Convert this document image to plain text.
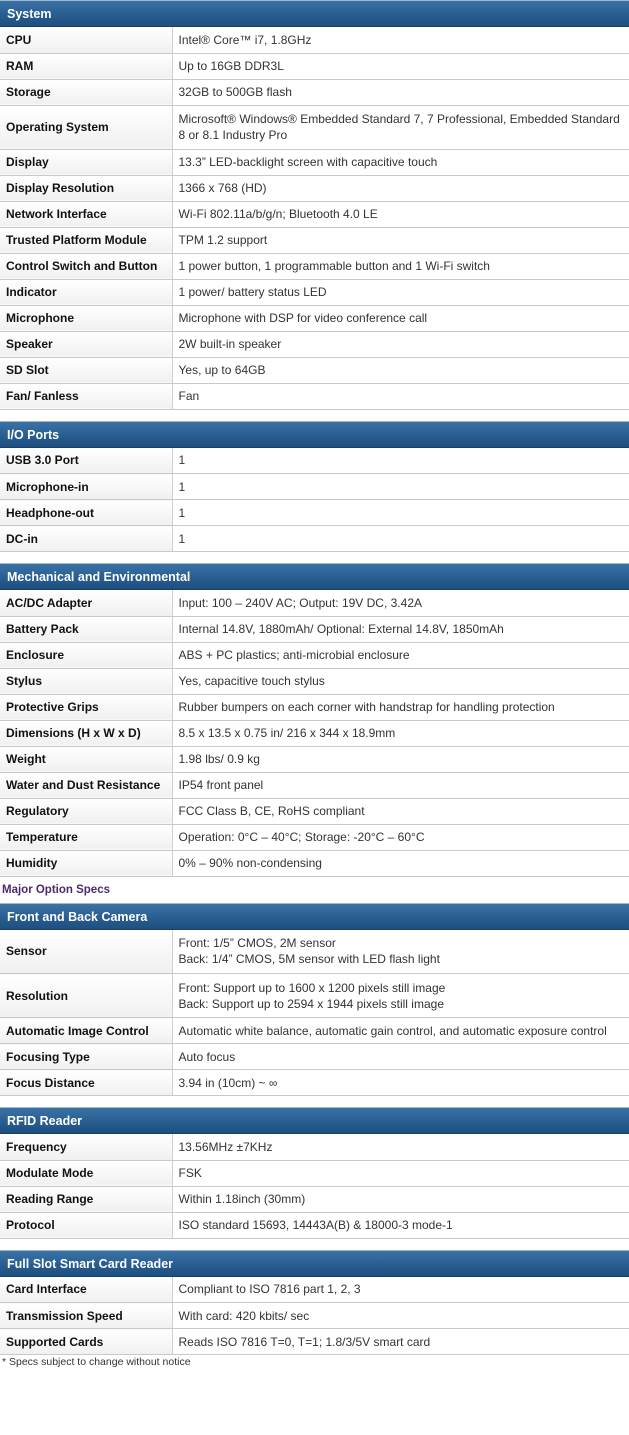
System
CPU	Intel® Core™ i7, 1.8GHz
RAM	Up to 16GB DDR3L
Storage	32GB to 500GB flash
Operating System	Microsoft® Windows® Embedded Standard 7, 7 Professional, Embedded Standard 8 or 8.1 Industry Pro
Display	13.3” LED-backlight screen with capacitive touch
Display Resolution	1366 x 768 (HD)
Network Interface	Wi-Fi 802.11a/b/g/n; Bluetooth 4.0 LE
Trusted Platform Module	TPM 1.2 support
Control Switch and Button	1 power button, 1 programmable button and 1 Wi-Fi switch
Indicator	1 power/ battery status LED
Microphone	Microphone with DSP for video conference call
Speaker	2W built-in speaker
SD Slot	Yes, up to 64GB
Fan/ Fanless	Fan
I/O Ports
USB 3.0 Port	1
Microphone-in	1
Headphone-out	1
DC-in	1
Mechanical and Environmental
AC/DC Adapter	Input: 100 – 240V AC; Output: 19V DC, 3.42A
Battery Pack	Internal 14.8V, 1880mAh/ Optional: External 14.8V, 1850mAh
Enclosure	ABS + PC plastics; anti-microbial enclosure
Stylus	Yes, capacitive touch stylus
Protective Grips	Rubber bumpers on each corner with handstrap for handling protection
Dimensions (H x W x D)	8.5 x 13.5 x 0.75 in/ 216 x 344 x 18.9mm
Weight	1.98 lbs/ 0.9 kg
Water and Dust Resistance	IP54 front panel
Regulatory	FCC Class B, CE, RoHS compliant
Temperature	Operation: 0°C – 40°C; Storage: -20°C – 60°C
Humidity	0% – 90% non-condensing
Major Option Specs
Front and Back Camera
Sensor	Front: 1/5” CMOS, 2M sensor
Back: 1/4” CMOS, 5M sensor with LED flash light
Resolution	Front: Support up to 1600 x 1200 pixels still image
Back: Support up to 2594 x 1944 pixels still image
Automatic Image Control	Automatic white balance, automatic gain control, and automatic exposure control
Focusing Type	Auto focus
Focus Distance	3.94 in (10cm) ~ ∞
RFID Reader
Frequency	13.56MHz ±7KHz
Modulate Mode	FSK
Reading Range	Within 1.18inch (30mm)
Protocol	ISO standard 15693, 14443A(B) & 18000-3 mode-1
Full Slot Smart Card Reader
Card Interface	Compliant to ISO 7816 part 1, 2, 3
Transmission Speed	With card: 420 kbits/ sec
Supported Cards	Reads ISO 7816 T=0, T=1; 1.8/3/5V smart card
* Specs subject to change without notice
